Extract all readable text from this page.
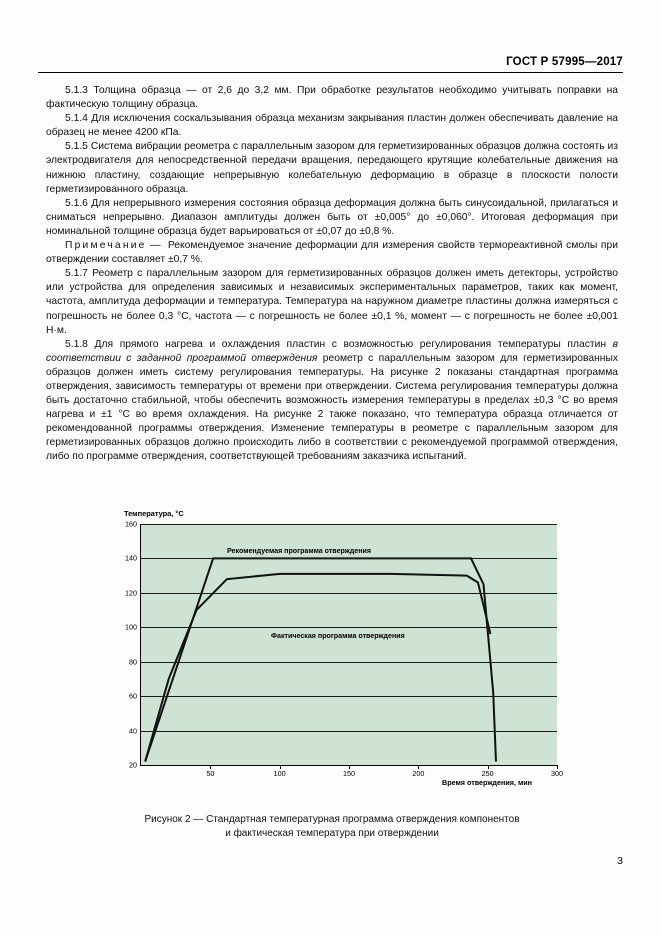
ГОСТ Р 57995—2017

5.1.3 Толщина образца — от 2,6 до 3,2 мм. При обработке результатов необходимо учитывать поправки на фактическую толщину образца.

5.1.4 Для исключения соскальзывания образца механизм закрывания пластин должен обеспечивать давление на образец не менее 4200 кПа.

5.1.5 Система вибрации реометра с параллельным зазором для герметизированных образцов должна состоять из электродвигателя для непосредственной передачи вращения, передающего крутящие колебательные движения на нижнюю пластину, создающие непрерывную колебательную деформацию в образце в плоскости полости герметизированного образца.

5.1.6 Для непрерывного измерения состояния образца деформация должна быть синусоидальной, прилагаться и сниматься непрерывно. Диапазон амплитуды должен быть от ±0,005° до ±0,060°. Итоговая деформация при номинальной толщине образца будет варьироваться от ±0,07 до ±0,8 %.

Примечание — Рекомендуемое значение деформации для измерения свойств термореактивной смолы при отверждении составляет ±0,7 %.

5.1.7 Реометр с параллельным зазором для герметизированных образцов должен иметь детекторы, устройство или устройства для определения зависимых и независимых экспериментальных параметров, таких как момент, частота, амплитуда деформации и температура. Температура на наружном диаметре пластины должна измеряться с погрешность не более 0,3 °С, частота — с погрешность не более ±0,1 %, момент — с погрешность не более ±0,001 Н·м.

5.1.8 Для прямого нагрева и охлаждения пластин с возможностью регулирования температуры пластин в соответствии с заданной программой отверждения реометр с параллельным зазором для герметизированных образцов должен иметь систему регулирования температуры. На рисунке 2 показаны стандартная программа отверждения, зависимость температуры от времени при отверждении. Система регулирования температуры должна быть достаточно стабильной, чтобы обеспечить возможность измерения температуры в пределах ±0,3 °С во время нагрева и ±1 °С во время охлаждения. На рисунке 2 также показано, что температура образца отличается от рекомендованной программы отверждения. Изменение температуры в реометре с параллельным зазором для герметизированных образцов должно происходить либо в соответствии с рекомендуемой программой отверждения, либо по программе отверждения, соответствующей требованиям заказчика испытаний.

Температура, °С
Время отверждения, мин
Рекомендуемая программа отверждения
Фактическая программа отверждения
20
40
60
80
100
120
140
160
50	100	150	200	250	300
Рисунок 2 — Стандартная температурная программа отверждения компонентов
и фактическая температура при отверждении
3
